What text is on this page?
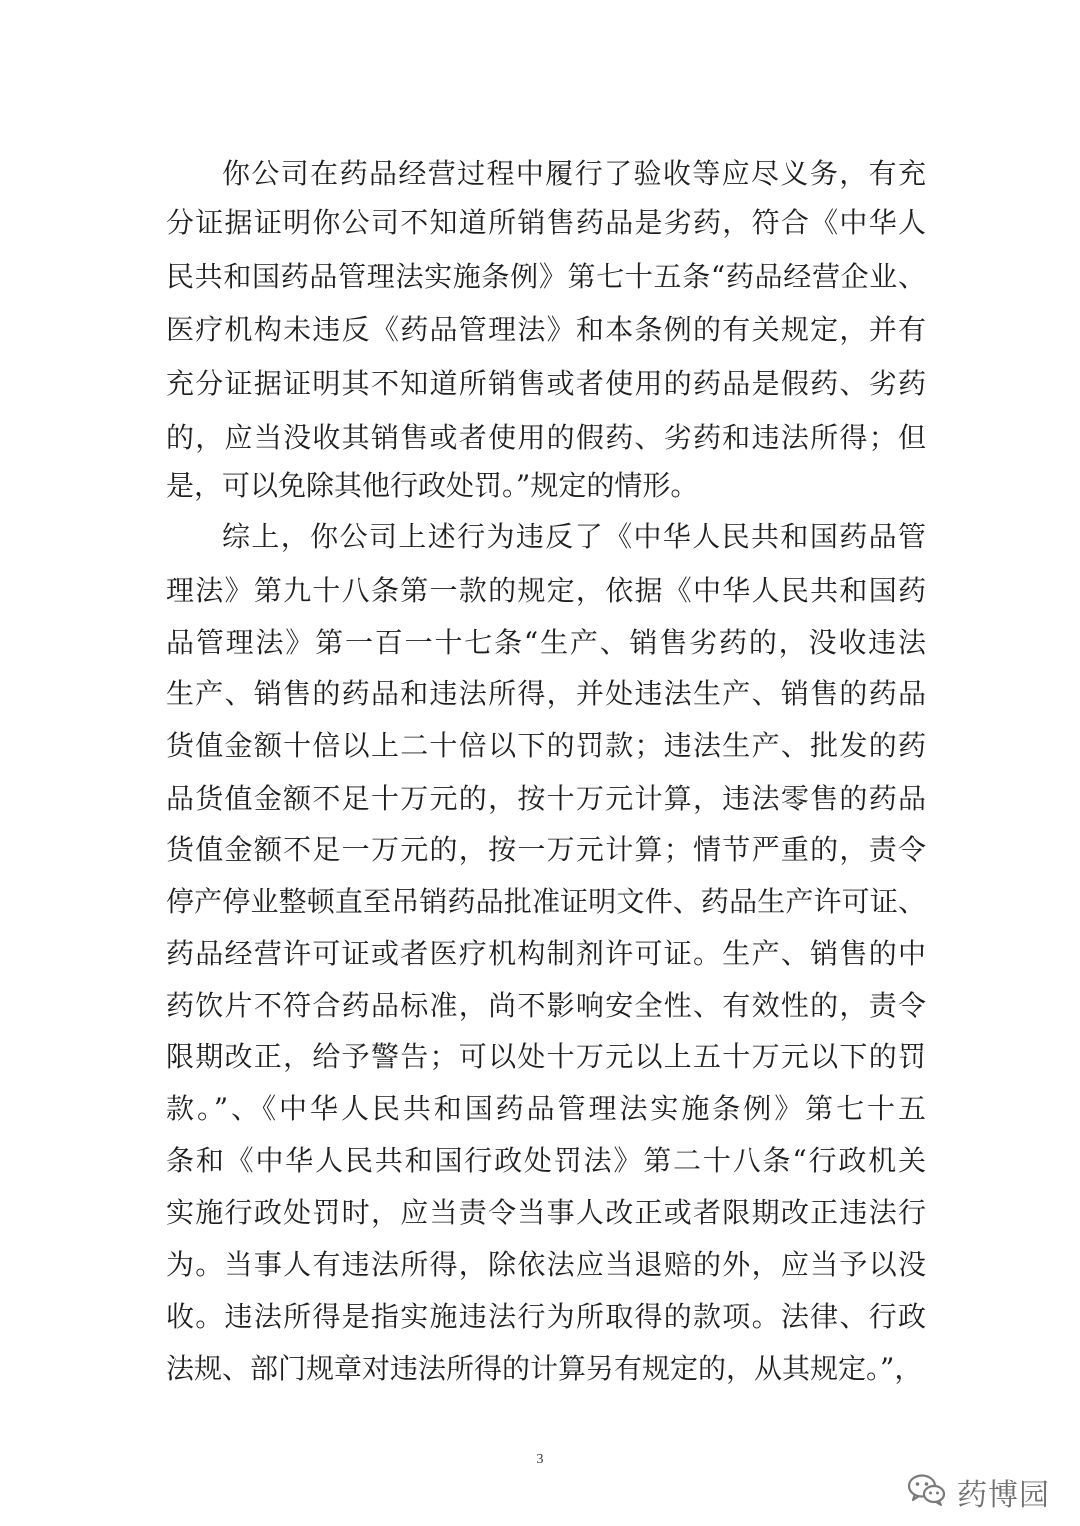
你公司在药品经营过程中履行了验收等应尽义务，有充
分证据证明你公司不知道所销售药品是劣药，符合《中华人
民共和国药品管理法实施条例》第七十五条“药品经营企业、
医疗机构未违反《药品管理法》和本条例的有关规定，并有
充分证据证明其不知道所销售或者使用的药品是假药、劣药
的，应当没收其销售或者使用的假药、劣药和违法所得；但
是，可以免除其他行政处罚。”规定的情形。
综上，你公司上述行为违反了《中华人民共和国药品管
理法》第九十八条第一款的规定，依据《中华人民共和国药
品管理法》第一百一十七条“生产、销售劣药的，没收违法
生产、销售的药品和违法所得，并处违法生产、销售的药品
货值金额十倍以上二十倍以下的罚款；违法生产、批发的药
品货值金额不足十万元的，按十万元计算，违法零售的药品
货值金额不足一万元的，按一万元计算；情节严重的，责令
停产停业整顿直至吊销药品批准证明文件、药品生产许可证、
药品经营许可证或者医疗机构制剂许可证。生产、销售的中
药饮片不符合药品标准，尚不影响安全性、有效性的，责令
限期改正，给予警告；可以处十万元以上五十万元以下的罚
款。”、《中华人民共和国药品管理法实施条例》第七十五
条和《中华人民共和国行政处罚法》第二十八条“行政机关
实施行政处罚时，应当责令当事人改正或者限期改正违法行
为。当事人有违法所得，除依法应当退赔的外，应当予以没
收。违法所得是指实施违法行为所取得的款项。法律、行政
法规、部门规章对违法所得的计算另有规定的，从其规定。”，
3
药博园
